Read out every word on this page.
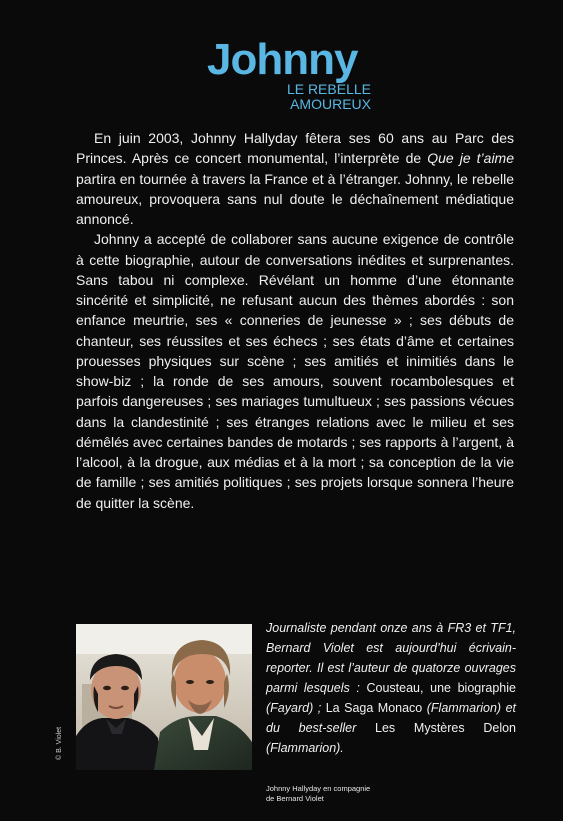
Johnny
LE REBELLE
AMOUREUX

En juin 2003, Johnny Hallyday fêtera ses 60 ans au Parc des Princes. Après ce concert monumental, l’interprète de Que je t’aime partira en tournée à travers la France et à l’étranger. Johnny, le rebelle amoureux, provoquera sans nul doute le déchaînement médiatique annoncé.

Johnny a accepté de collaborer sans aucune exigence de contrôle à cette biographie, autour de conversations inédites et surprenantes. Sans tabou ni complexe. Révélant un homme d’une étonnante sincérité et simplicité, ne refusant aucun des thèmes abordés : son enfance meurtrie, ses « conneries de jeunesse » ; ses débuts de chanteur, ses réussites et ses échecs ; ses états d’âme et certaines prouesses physiques sur scène ; ses amitiés et inimitiés dans le show-biz ; la ronde de ses amours, souvent rocambolesques et parfois dangereuses ; ses mariages tumultueux ; ses passions vécues dans la clandestinité ; ses étranges relations avec le milieu et ses démêlés avec certaines bandes de motards ; ses rapports à l’argent, à l’alcool, à la drogue, aux médias et à la mort ; sa conception de la vie de famille ; ses amitiés politiques ; ses projets lorsque sonnera l’heure de quitter la scène.

© B. Violet
Journaliste pendant onze ans à FR3 et TF1, Bernard Violet est aujourd’hui écrivain-reporter. Il est l’auteur de quatorze ouvrages parmi lesquels : Cousteau, une biographie (Fayard) ; La Saga Monaco (Flammarion) et du best-seller Les Mystères Delon (Flammarion).
Johnny Hallyday en compagnie
de Bernard Violet
